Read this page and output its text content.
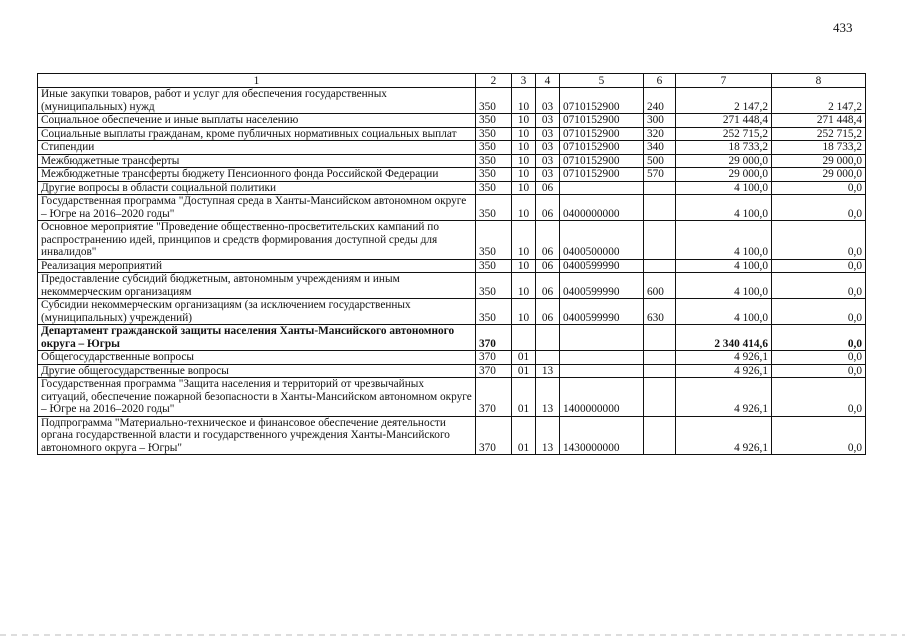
433
1	2	3	4	5	6	7	8
Иные закупки товаров, работ и услуг для обеспечения государственных (муниципальных) нужд	350	10	03	0710152900	240	2 147,2	2 147,2
Социальное обеспечение и иные выплаты населению	350	10	03	0710152900	300	271 448,4	271 448,4
Социальные выплаты гражданам, кроме публичных нормативных социальных выплат	350	10	03	0710152900	320	252 715,2	252 715,2
Стипендии	350	10	03	0710152900	340	18 733,2	18 733,2
Межбюджетные трансферты	350	10	03	0710152900	500	29 000,0	29 000,0
Межбюджетные трансферты бюджету Пенсионного фонда Российской Федерации	350	10	03	0710152900	570	29 000,0	29 000,0
Другие вопросы в области социальной политики	350	10	06			4 100,0	0,0
Государственная программа "Доступная среда в Ханты-Мансийском автономном округе – Югре на 2016–2020 годы"	350	10	06	0400000000		4 100,0	0,0
Основное мероприятие "Проведение общественно-просветительских кампаний по распространению идей, принципов и средств формирования доступной среды для инвалидов"	350	10	06	0400500000		4 100,0	0,0
Реализация мероприятий	350	10	06	0400599990		4 100,0	0,0
Предоставление субсидий бюджетным, автономным учреждениям и иным некоммерческим организациям	350	10	06	0400599990	600	4 100,0	0,0
Субсидии некоммерческим организациям (за исключением государственных (муниципальных) учреждений)	350	10	06	0400599990	630	4 100,0	0,0
Департамент гражданской защиты населения Ханты-Мансийского автономного округа – Югры	370					2 340 414,6	0,0
Общегосударственные вопросы	370	01				4 926,1	0,0
Другие общегосударственные вопросы	370	01	13			4 926,1	0,0
Государственная программа "Защита населения и территорий от чрезвычайных ситуаций, обеспечение пожарной безопасности в Ханты-Мансийском автономном округе – Югре на 2016–2020 годы"	370	01	13	1400000000		4 926,1	0,0
Подпрограмма "Материально-техническое и финансовое обеспечение деятельности органа государственной власти и государственного учреждения Ханты-Мансийского автономного округа – Югры"	370	01	13	1430000000		4 926,1	0,0
